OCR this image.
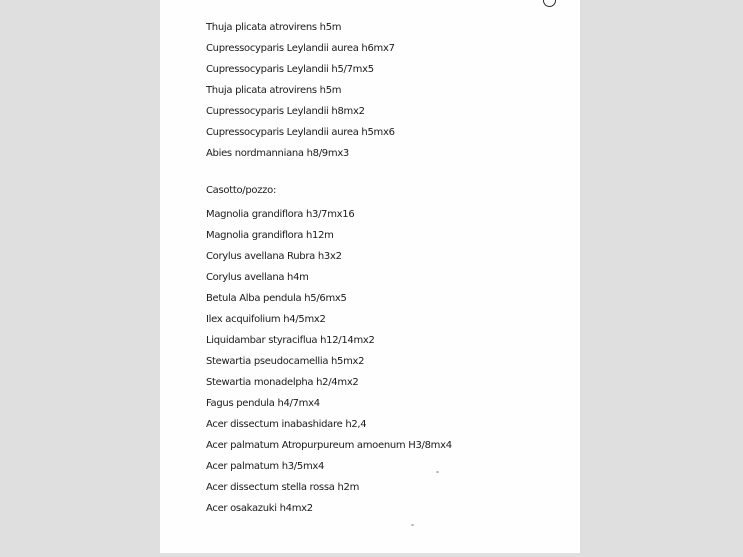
Thuja plicata atrovirens h5m
Cupressocyparis Leylandii aurea h6mx7
Cupressocyparis Leylandii h5/7mx5
Thuja plicata atrovirens h5m
Cupressocyparis Leylandii h8mx2
Cupressocyparis Leylandii aurea h5mx6
Abies nordmanniana h8/9mx3
Casotto/pozzo:
Magnolia grandiflora h3/7mx16
Magnolia grandiflora h12m
Corylus avellana Rubra h3x2
Corylus avellana h4m
Betula Alba pendula h5/6mx5
Ilex acquifolium h4/5mx2
Liquidambar styraciflua h12/14mx2
Stewartia pseudocamellia h5mx2
Stewartia monadelpha h2/4mx2
Fagus pendula h4/7mx4
Acer dissectum inabashidare h2,4
Acer palmatum Atropurpureum amoenum H3/8mx4
Acer palmatum h3/5mx4
Acer dissectum stella rossa h2m
Acer osakazuki h4mx2
